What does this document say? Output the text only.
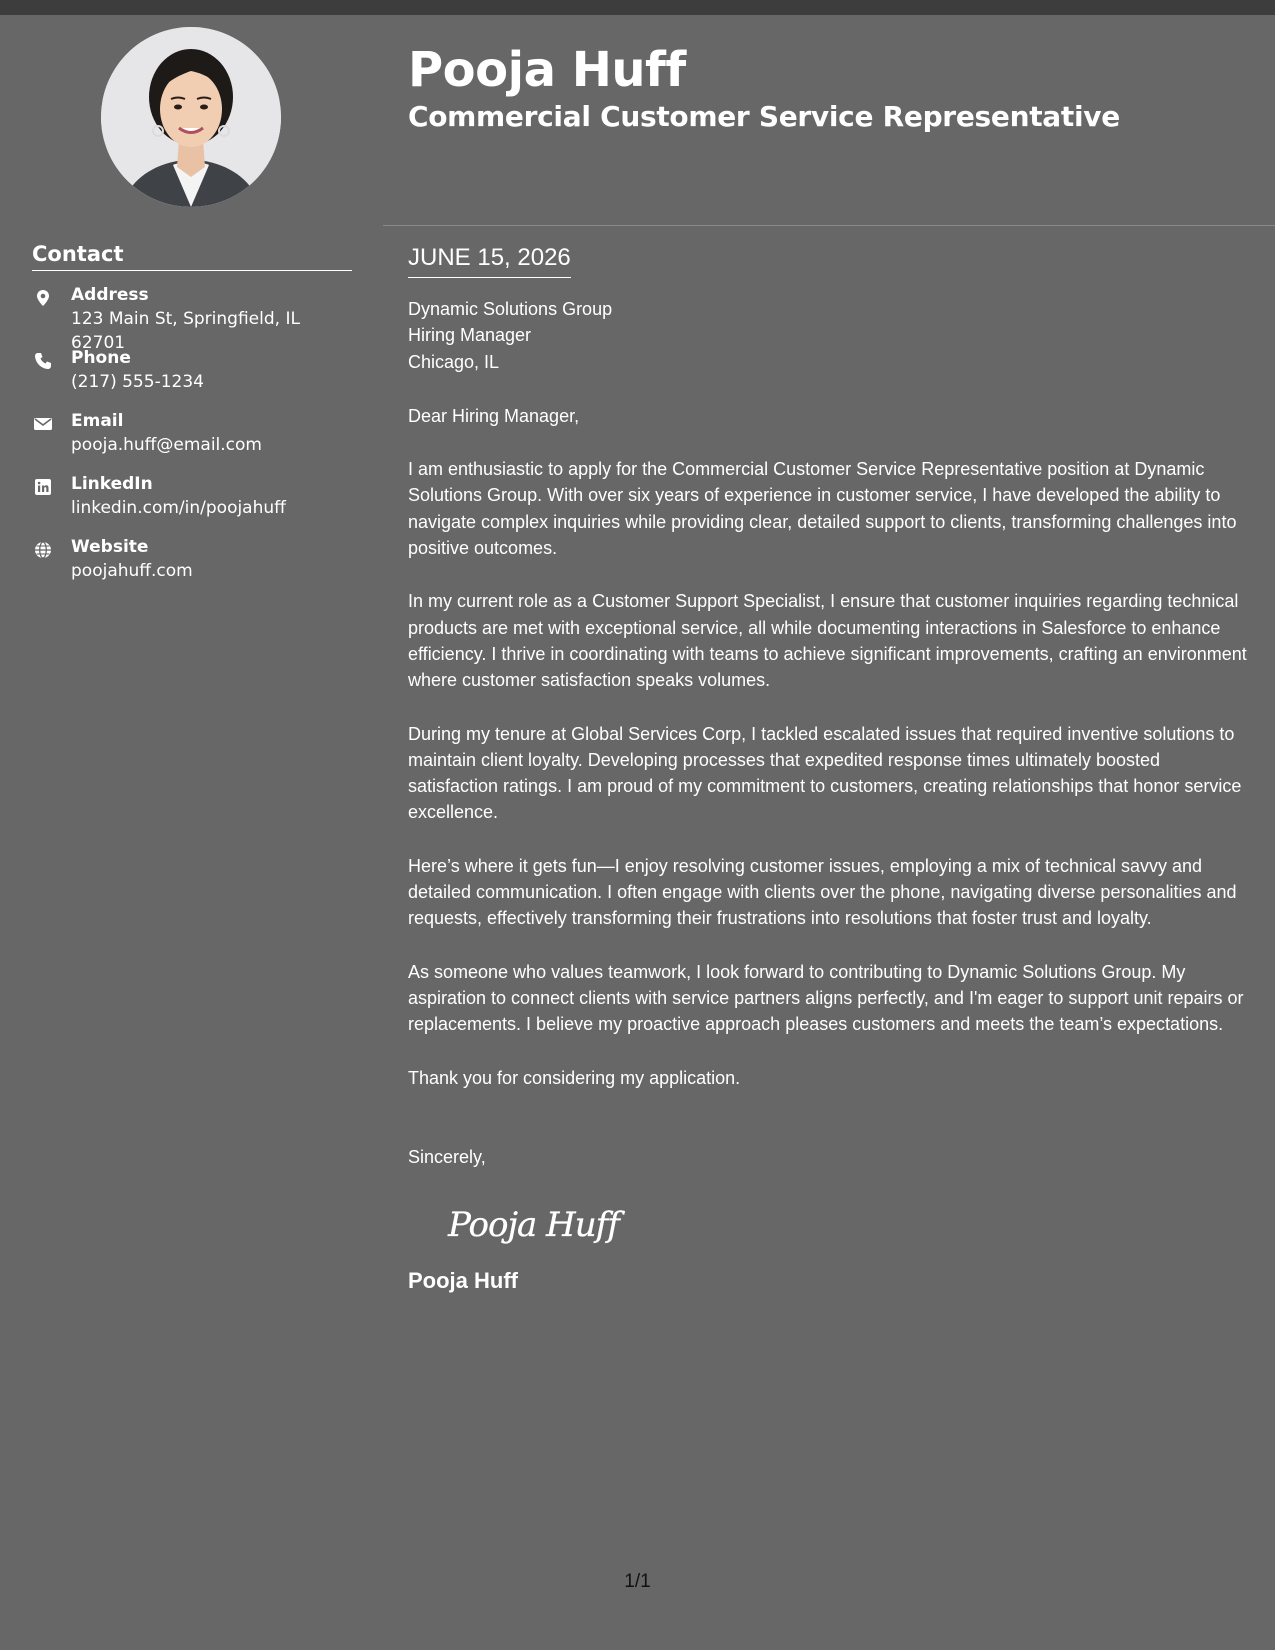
Pooja Huff
Commercial Customer Service Representative
Contact
Address
123 Main St, Springfield, IL 62701
Phone
(217) 555-1234
Email
pooja.huff@email.com
LinkedIn
linkedin.com/in/poojahuff
Website
poojahuff.com
JUNE 15, 2026
Dynamic Solutions Group
Hiring Manager
Chicago, IL

Dear Hiring Manager,

I am enthusiastic to apply for the Commercial Customer Service Representative position at Dynamic Solutions Group. With over six years of experience in customer service, I have developed the ability to navigate complex inquiries while providing clear, detailed support to clients, transforming challenges into positive outcomes.

In my current role as a Customer Support Specialist, I ensure that customer inquiries regarding technical products are met with exceptional service, all while documenting interactions in Salesforce to enhance efficiency. I thrive in coordinating with teams to achieve significant improvements, crafting an environment where customer satisfaction speaks volumes.

During my tenure at Global Services Corp, I tackled escalated issues that required inventive solutions to maintain client loyalty. Developing processes that expedited response times ultimately boosted satisfaction ratings. I am proud of my commitment to customers, creating relationships that honor service excellence.

Here’s where it gets fun—I enjoy resolving customer issues, employing a mix of technical savvy and detailed communication. I often engage with clients over the phone, navigating diverse personalities and requests, effectively transforming their frustrations into resolutions that foster trust and loyalty.

As someone who values teamwork, I look forward to contributing to Dynamic Solutions Group. My aspiration to connect clients with service partners aligns perfectly, and I'm eager to support unit repairs or replacements. I believe my proactive approach pleases customers and meets the team’s expectations.

Thank you for considering my application.

Sincerely,

Pooja Huff
Pooja Huff
1/1
